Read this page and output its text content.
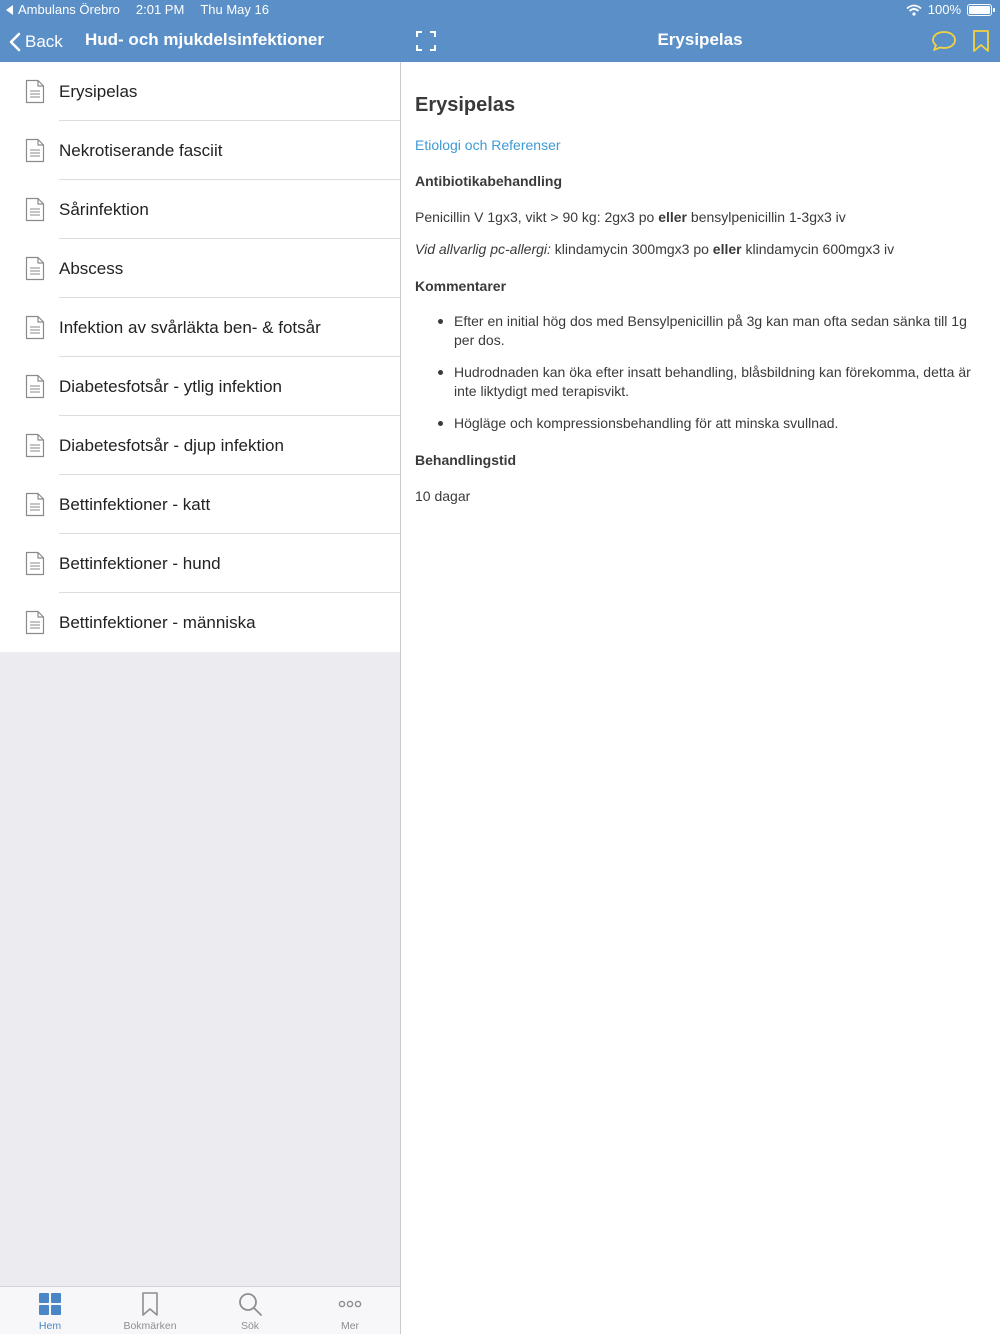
Ambulans Örebro 2:01 PM Thu May 16	100%
Back Hud- och mjukdelsinfektioner	Erysipelas
Erysipelas
Nekrotiserande fasciit
Sårinfektion
Abscess
Infektion av svårläkta ben- & fotsår
Diabetesfotsår - ytlig infektion
Diabetesfotsår - djup infektion
Bettinfektioner - katt
Bettinfektioner - hund
Bettinfektioner - människa
Hem	Bokmärken	Sök	Mer
Erysipelas
Etiologi och Referenser
Antibiotikabehandling
Penicillin V 1gx3, vikt > 90 kg: 2gx3 po eller bensylpenicillin 1-3gx3 iv
Vid allvarlig pc-allergi: klindamycin 300mgx3 po eller klindamycin 600mgx3 iv
Kommentarer
Efter en initial hög dos med Bensylpenicillin på 3g kan man ofta sedan sänka till 1g per dos.
Hudrodnaden kan öka efter insatt behandling, blåsbildning kan förekomma, detta är inte liktydigt med terapisvikt.
Högläge och kompressionsbehandling för att minska svullnad.
Behandlingstid
10 dagar
